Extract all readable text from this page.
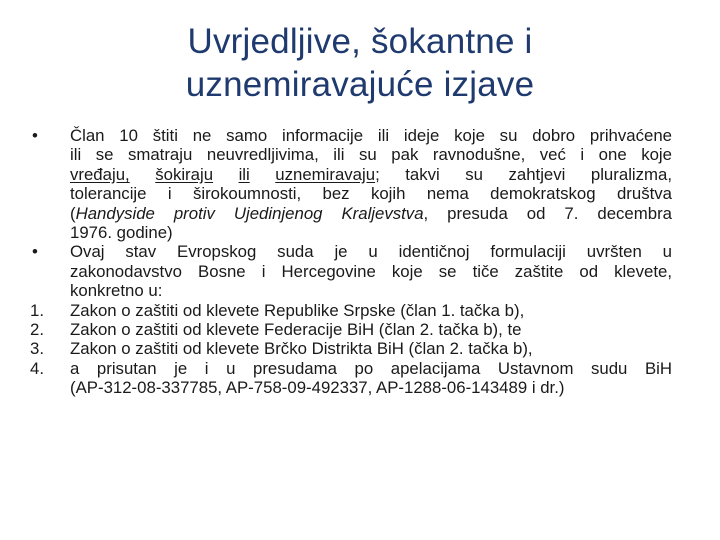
Uvrjedljive, šokantne i
uznemiravajuće izjave
•	Član 10 štiti ne samo informacije ili ideje koje su dobro prihvaćene
ili se smatraju neuvredljivima, ili su pak ravnodušne, već i one koje
vređaju, šokiraju ili uznemiravaju; takvi su zahtjevi pluralizma,
tolerancije i širokoumnosti, bez kojih nema demokratskog društva
(Handyside protiv Ujedinjenog Kraljevstva, presuda od 7. decembra
1976. godine)
•	Ovaj stav Evropskog suda je u identičnoj formulaciji uvršten u
zakonodavstvo Bosne i Hercegovine koje se tiče zaštite od klevete,
konkretno u:
1.	Zakon o zaštiti od klevete Republike Srpske (član 1. tačka b),
2.	Zakon o zaštiti od klevete Federacije BiH (član 2. tačka b), te
3.	Zakon o zaštiti od klevete Brčko Distrikta BiH (član 2. tačka b),
4.	a prisutan je i u presudama po apelacijama Ustavnom sudu BiH
(AP-312-08-337785, AP-758-09-492337, AP-1288-06-143489 i dr.)
